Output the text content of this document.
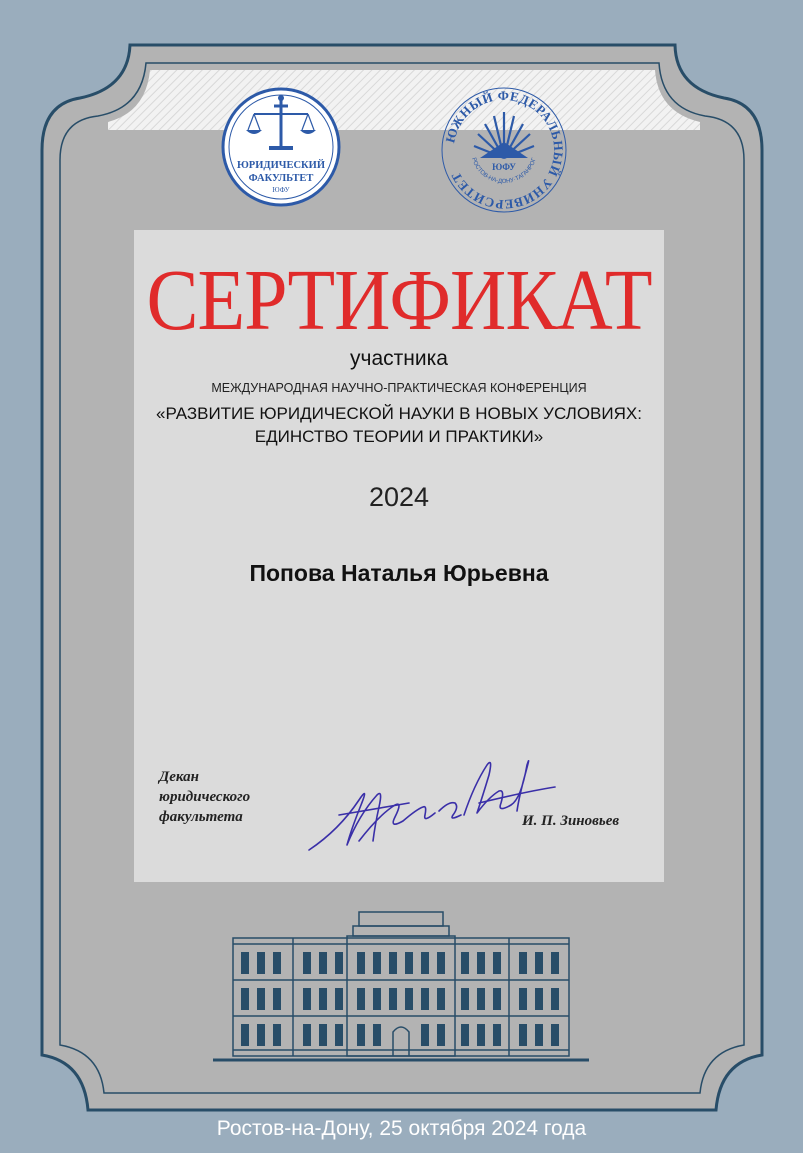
ЮРИДИЧЕСКИЙ
ФАКУЛЬТЕТ
ЮФУ
ЮЖНЫЙ ФЕДЕРАЛЬНЫЙ УНИВЕРСИТЕТ
ЮФУ
РОСТОВ-НА-ДОНУ·ТАГАНРОГ
СЕРТИФИКАТ
участника
МЕЖДУНАРОДНАЯ НАУЧНО-ПРАКТИЧЕСКАЯ КОНФЕРЕНЦИЯ
«РАЗВИТИЕ ЮРИДИЧЕСКОЙ НАУКИ В НОВЫХ УСЛОВИЯХ:
ЕДИНСТВО ТЕОРИИ И ПРАКТИКИ»
2024
Попова Наталья Юрьевна
Декан
юридического
факультета	И. П. Зиновьев
Ростов-на-Дону, 25 октября 2024 года
